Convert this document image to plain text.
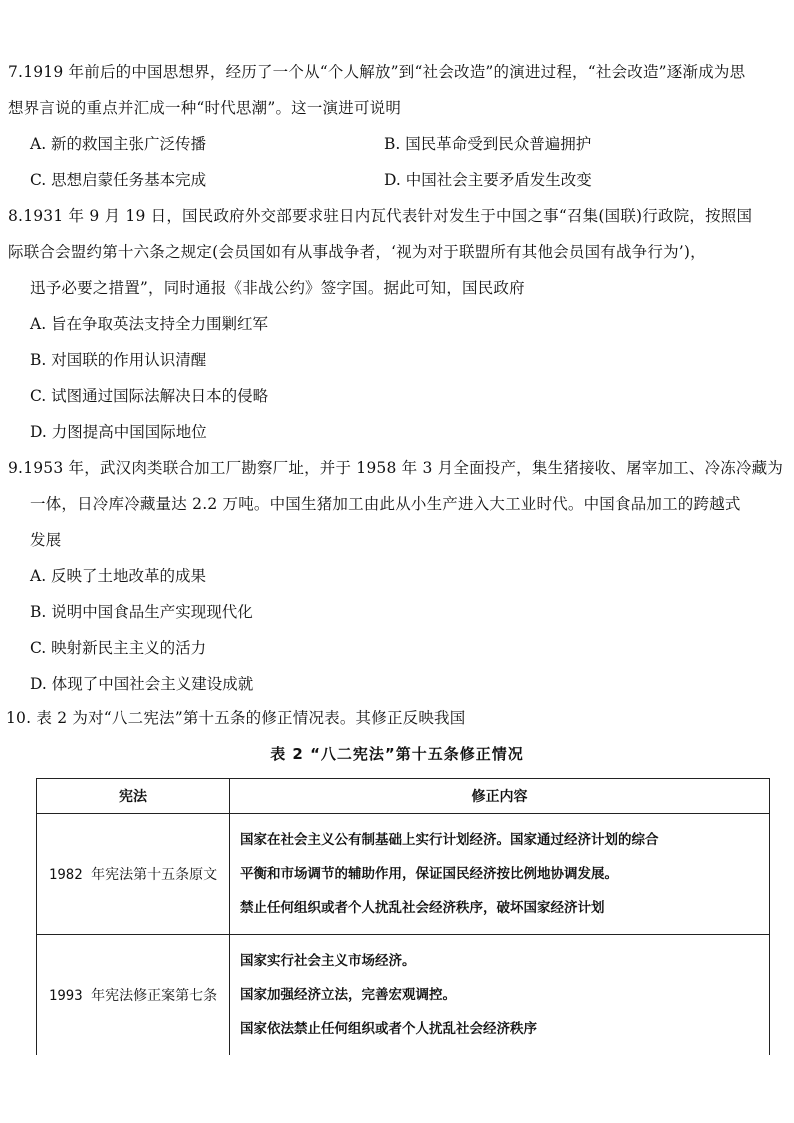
7.1919 年前后的中国思想界，经历了一个从“个人解放”到“社会改造”的演进过程，“社会改造”逐渐成为思
想界言说的重点并汇成一种“时代思潮”。这一演进可说明
A. 新的救国主张广泛传播	B. 国民革命受到民众普遍拥护
C. 思想启蒙任务基本完成	D. 中国社会主要矛盾发生改变
8.1931 年 9 月 19 日，国民政府外交部要求驻日内瓦代表针对发生于中国之事“召集(国联)行政院，按照国
际联合会盟约第十六条之规定(会员国如有从事战争者，‘视为对于联盟所有其他会员国有战争行为’)，
迅予必要之措置”，同时通报《非战公约》签字国。据此可知，国民政府
A. 旨在争取英法支持全力围剿红军
B. 对国联的作用认识清醒
C. 试图通过国际法解决日本的侵略
D. 力图提高中国国际地位
9.1953 年，武汉肉类联合加工厂勘察厂址，并于 1958 年 3 月全面投产，集生猪接收、屠宰加工、冷冻冷藏为
一体，日冷库冷藏量达 2.2 万吨。中国生猪加工由此从小生产进入大工业时代。中国食品加工的跨越式
发展
A. 反映了土地改革的成果
B. 说明中国食品生产实现现代化
C. 映射新民主主义的活力
D. 体现了中国社会主义建设成就
10. 表 2 为对“八二宪法”第十五条的修正情况表。其修正反映我国
表 2 “八二宪法”第十五条修正情况
宪法	修正内容
1982 年宪法第十五条原文	国家在社会主义公有制基础上实行计划经济。国家通过经济计划的综合
平衡和市场调节的辅助作用，保证国民经济按比例地协调发展。
禁止任何组织或者个人扰乱社会经济秩序，破坏国家经济计划

1993 年宪法修正案第七条	国家实行社会主义市场经济。
国家加强经济立法，完善宏观调控。
国家依法禁止任何组织或者个人扰乱社会经济秩序
